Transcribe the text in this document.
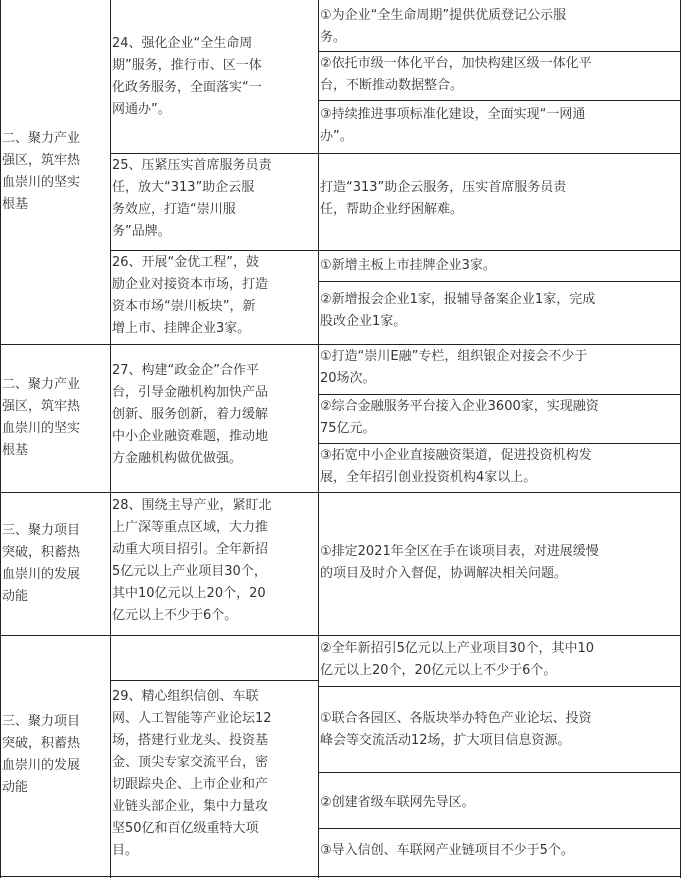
二、聚力产业
强区，筑牢热
血崇川的坚实
根基
二、聚力产业
强区，筑牢热
血崇川的坚实
根基
三、聚力项目
突破，积蓄热
血崇川的发展
动能
三、聚力项目
突破，积蓄热
血崇川的发展
动能
24、强化企业“全生命周
期”服务，推行市、区一体
化政务服务，全面落实“一
网通办”。
25、压紧压实首席服务员责
任，放大“313”助企云服
务效应，打造“崇川服
务”品牌。
26、开展“金优工程”，鼓
励企业对接资本市场，打造
资本市场“崇川板块”，新
增上市、挂牌企业3家。
27、构建“政金企”合作平
台，引导金融机构加快产品
创新、服务创新，着力缓解
中小企业融资难题，推动地
方金融机构做优做强。
28、围绕主导产业，紧盯北
上广深等重点区域，大力推
动重大项目招引。全年新招
5亿元以上产业项目30个，
其中10亿元以上20个，20
亿元以上不少于6个。
29、精心组织信创、车联
网、人工智能等产业论坛12
场，搭建行业龙头、投资基
金、顶尖专家交流平台，密
切跟踪央企、上市企业和产
业链头部企业，集中力量攻
坚50亿和百亿级重特大项
目。
①为企业“全生命周期”提供优质登记公示服
务。
②依托市级一体化平台，加快构建区级一体化平
台，不断推动数据整合。
③持续推进事项标准化建设，全面实现“一网通
办”。
打造“313”助企云服务，压实首席服务员责
任，帮助企业纾困解难。
①新增主板上市挂牌企业3家。
②新增报会企业1家，报辅导备案企业1家，完成
股改企业1家。
①打造“崇川E融”专栏，组织银企对接会不少于
20场次。
②综合金融服务平台接入企业3600家，实现融资
75亿元。
③拓宽中小企业直接融资渠道，促进投资机构发
展，全年招引创业投资机构4家以上。
①排定2021年全区在手在谈项目表，对进展缓慢
的项目及时介入督促，协调解决相关问题。
②全年新招引5亿元以上产业项目30个，其中10
亿元以上20个，20亿元以上不少于6个。
①联合各园区、各版块举办特色产业论坛、投资
峰会等交流活动12场，扩大项目信息资源。
②创建省级车联网先导区。
③导入信创、车联网产业链项目不少于5个。
